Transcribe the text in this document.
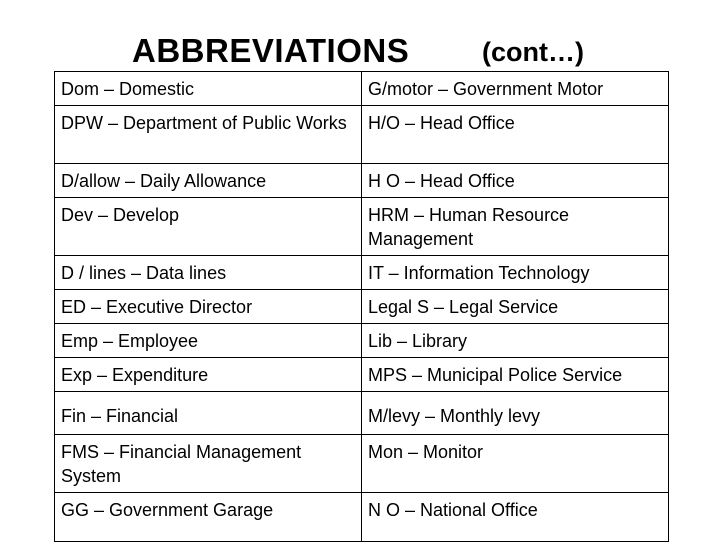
ABBREVIATIONS	(cont…)
Dom – Domestic	G/motor – Government Motor
DPW – Department of Public Works	H/O – Head Office
D/allow – Daily Allowance	H O – Head Office
Dev – Develop	HRM – Human Resource Management
D / lines – Data lines	IT – Information Technology
ED – Executive Director	Legal S – Legal Service
Emp – Employee	Lib – Library
Exp – Expenditure	MPS – Municipal Police Service
Fin – Financial	M/levy – Monthly levy
FMS – Financial Management System	Mon – Monitor
GG – Government Garage	N O – National Office
